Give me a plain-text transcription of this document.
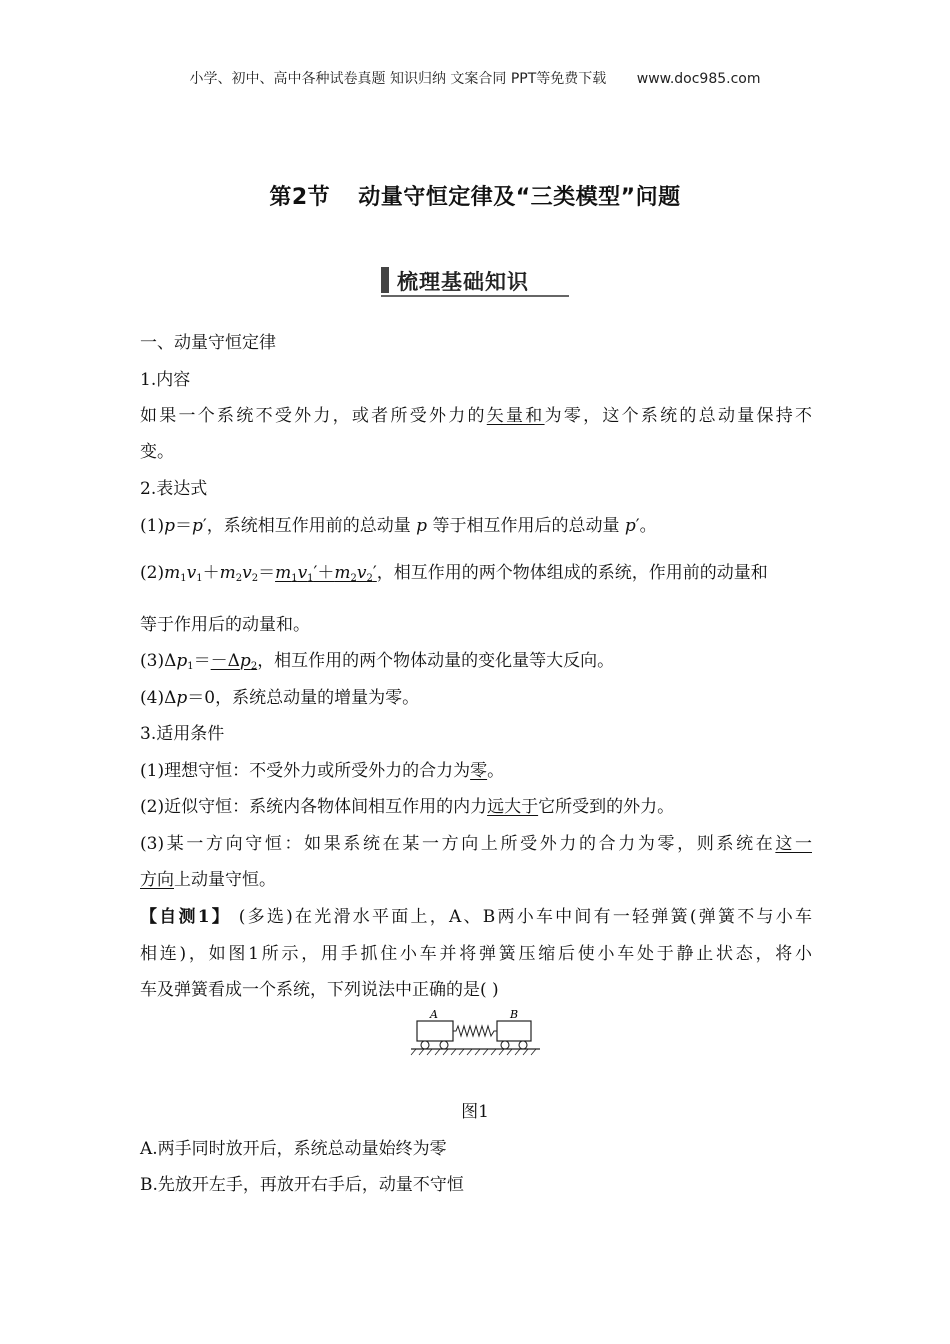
小学、初中、高中各种试卷真题 知识归纳 文案合同 PPT等免费下载 www.doc985.com
第2节 动量守恒定律及“三类模型”问题
梳理基础知识
一、动量守恒定律
1.内容
如果一个系统不受外力，或者所受外力的矢量和为零，这个系统的总动量保持不
变。
2.表达式
(1)p＝p′，系统相互作用前的总动量 p 等于相互作用后的总动量 p′。
$(2)m_1v_1+m_2v_2=m_1v_1'+m_2v_2'$，相互作用的两个物体组成的系统，作用前的动量和
等于作用后的动量和。
$(3)\Delta p_1=-\Delta p_2$，相互作用的两个物体动量的变化量等大反向。
(4)Δp＝0，系统总动量的增量为零。
3.适用条件
(1)理想守恒：不受外力或所受外力的合力为零。
(2)近似守恒：系统内各物体间相互作用的内力远大于它所受到的外力。
(3)某一方向守恒：如果系统在某一方向上所受外力的合力为零，则系统在这一
方向上动量守恒。
【自测1】 (多选)在光滑水平面上，A、B两小车中间有一轻弹簧(弹簧不与小车
相连)，如图1所示，用手抓住小车并将弹簧压缩后使小车处于静止状态，将小
车及弹簧看成一个系统，下列说法中正确的是( )
A.两手同时放开后，系统总动量始终为零
B.先放开左手，再放开右手后，动量不守恒
A	B
图1
